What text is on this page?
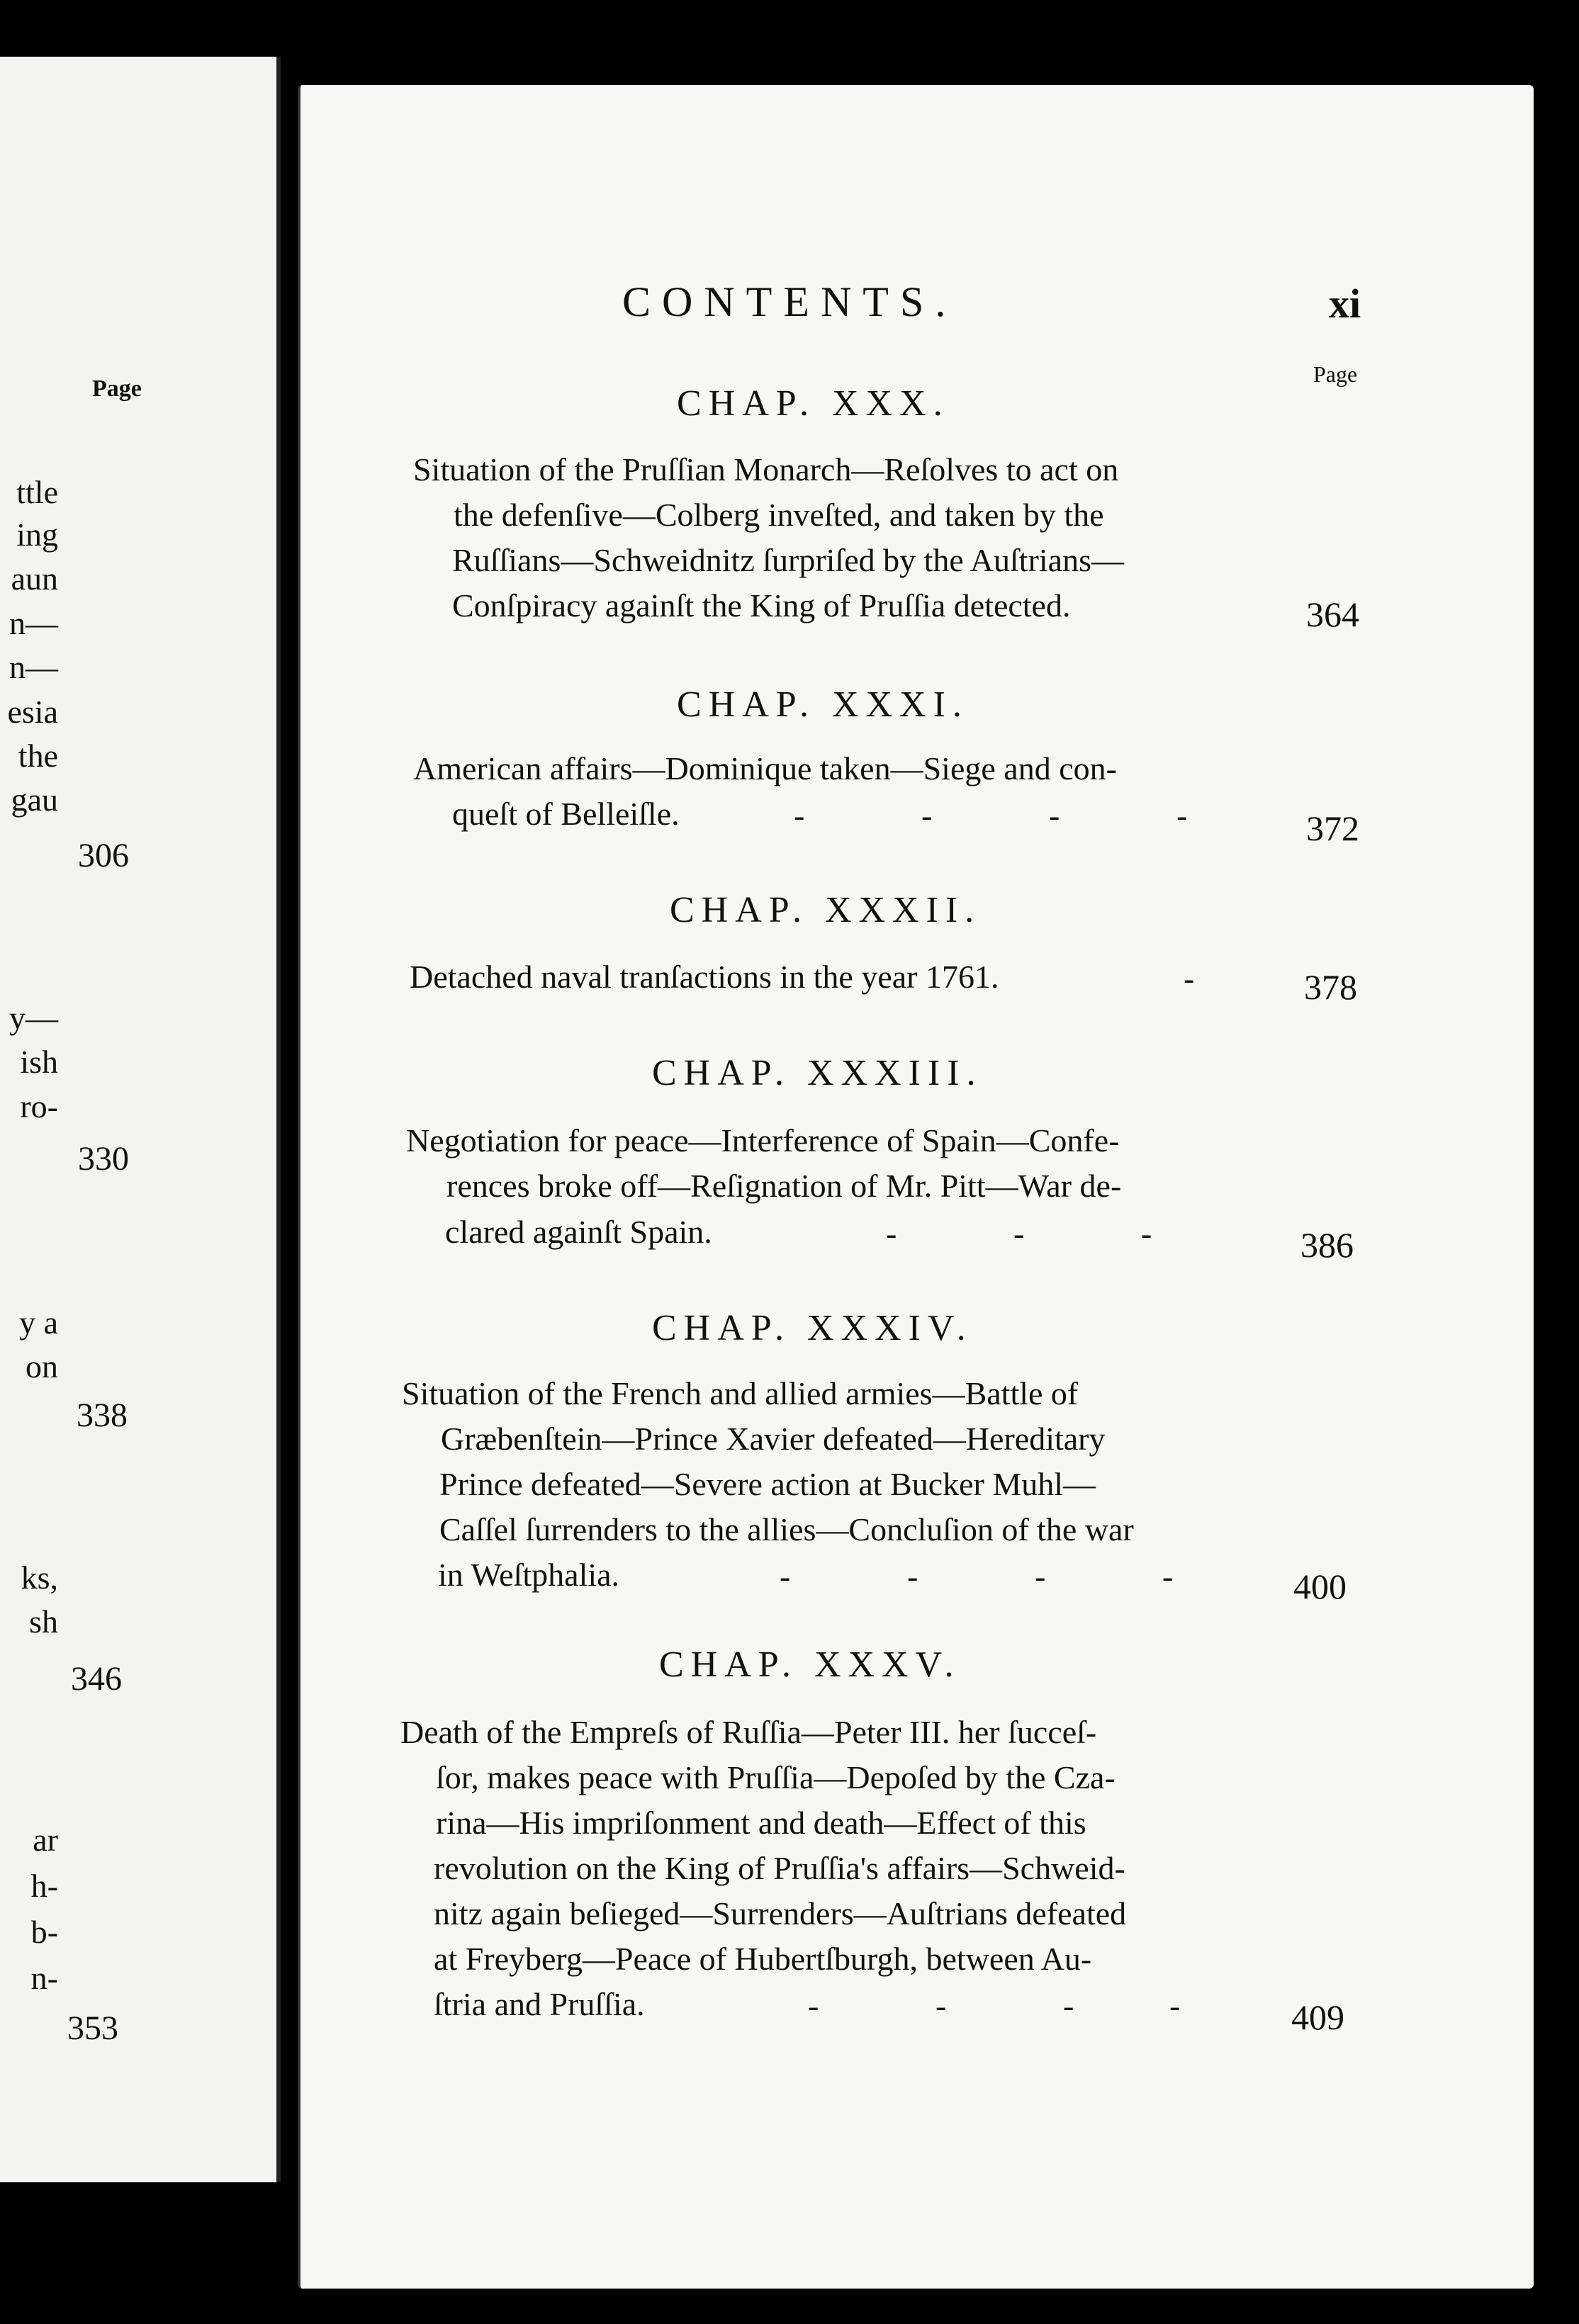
Page
ttle
ing
aun
n—
n—
esia
the
gau
306
y—
ish
ro-
330
y a
on
338
ks,
sh
346
ar
h-
b-
n-
353
CONTENTS.	xi
Page
CHAP. XXX.
Situation of the Pruſſian Monarch—Reſolves to act on
the defenſive—Colberg inveſted, and taken by the
Ruſſians—Schweidnitz ſurpriſed by the Auſtrians—
Conſpiracy againſt the King of Pruſſia detected.	364
CHAP. XXXI.
American affairs—Dominique taken—Siege and con-
queſt of Belleiſle.	-	-	-	-	372
CHAP. XXXII.
Detached naval tranſactions in the year 1761.	-	378
CHAP. XXXIII.
Negotiation for peace—Interference of Spain—Confe-
rences broke off—Reſignation of Mr. Pitt—War de-
clared againſt Spain.	-	-	-	386
CHAP. XXXIV.
Situation of the French and allied armies—Battle of
Græbenſtein—Prince Xavier defeated—Hereditary
Prince defeated—Severe action at Bucker Muhl—
Caſſel ſurrenders to the allies—Concluſion of the war
in Weſtphalia.	-	-	-	-	400
CHAP. XXXV.
Death of the Empreſs of Ruſſia—Peter III. her ſucceſ-
ſor, makes peace with Pruſſia—Depoſed by the Cza-
rina—His impriſonment and death—Effect of this
revolution on the King of Pruſſia's affairs—Schweid-
nitz again beſieged—Surrenders—Auſtrians defeated
at Freyberg—Peace of Hubertſburgh, between Au-
ſtria and Pruſſia.	-	-	-	-	409
